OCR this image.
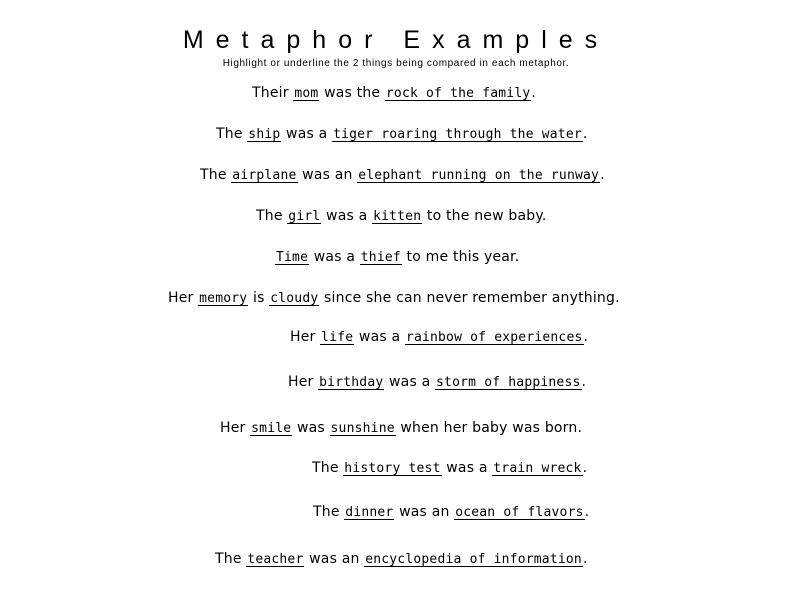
Metaphor Examples
Highlight or underline the 2 things being compared in each metaphor.
Their mom was the rock of the family.
The ship was a tiger roaring through the water.
The airplane was an elephant running on the runway.
The girl was a kitten to the new baby.
Time was a thief to me this year.
Her memory is cloudy since she can never remember anything.
Her life was a rainbow of experiences.
Her birthday was a storm of happiness.
Her smile was sunshine when her baby was born.
The history test was a train wreck.
The dinner was an ocean of flavors.
The teacher was an encyclopedia of information.
